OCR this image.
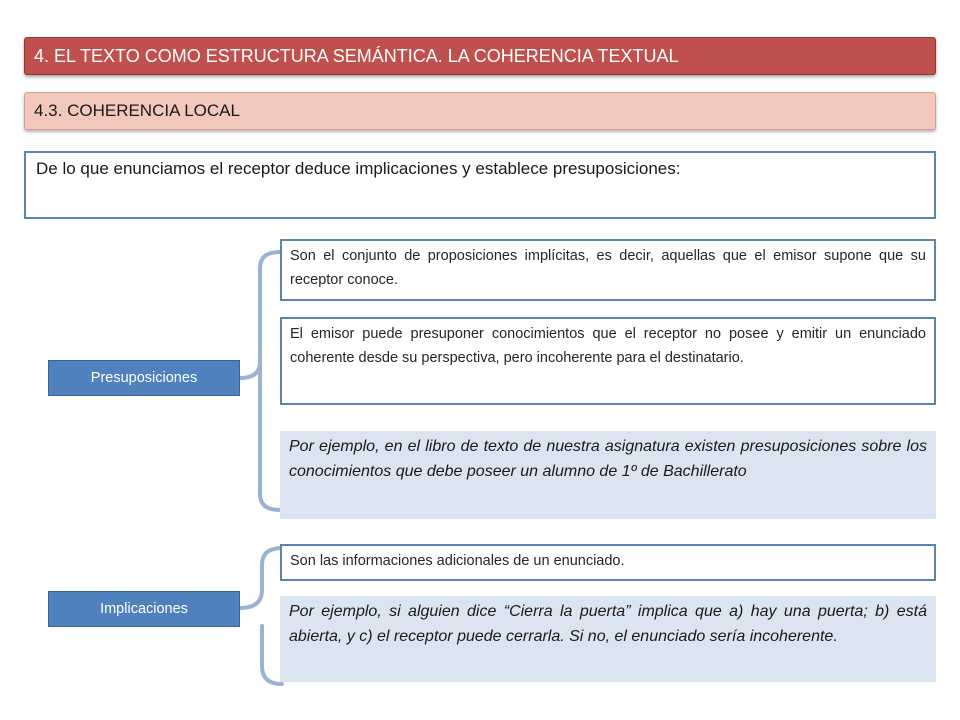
4. EL TEXTO COMO ESTRUCTURA SEMÁNTICA. LA COHERENCIA TEXTUAL
4.3. COHERENCIA LOCAL
De lo que enunciamos el receptor deduce implicaciones y establece presuposiciones:
Son el conjunto de proposiciones implícitas, es decir, aquellas que el emisor supone que su receptor conoce.
El emisor puede presuponer conocimientos que el receptor no posee y emitir un enunciado coherente desde su perspectiva, pero incoherente para el destinatario.
Por ejemplo, en el libro de texto de nuestra asignatura existen presuposiciones sobre los conocimientos que debe poseer un alumno de 1º de Bachillerato
Presuposiciones
Son las informaciones adicionales de un enunciado.
Por ejemplo, si alguien dice “Cierra la puerta” implica que a) hay una puerta; b) está abierta, y c) el receptor puede cerrarla. Si no, el enunciado sería incoherente.
Implicaciones
